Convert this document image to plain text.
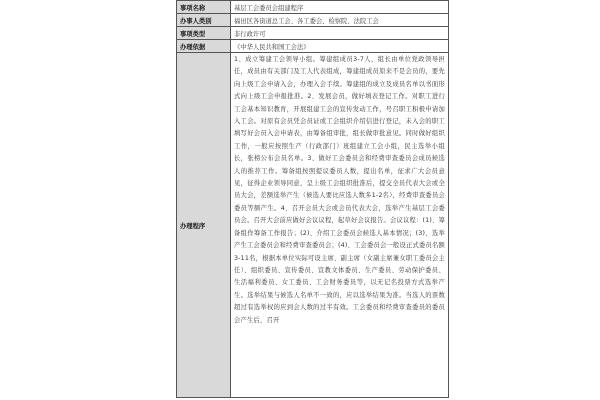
事项名称	基层工会委员会组建程序
办事人类别	福田区各街道总工会、各工委会、检察院、法院工会
事项类型	非行政许可
办理依据	《中华人民共和国工会法》
办理程序	1、成立筹建工会领导小组。筹建组成员3-7人，组长由单位党政领导担任，成员由有关部门及工人代表组成，筹建组成员原来不是会员的，要先向上级工会申请入会，办理入会手续。筹建组的成立及成员名单以书面形式向上级工会申报批准。2、发展会员，做好填表登记工作。对职工进行工会基本知识教育，开展组建工会的宣传发动工作，号召职工积极申请加入工会。对原有会员凭会员证或工会组织介绍信进行登记，未入会的职工填写好会员入会申请表，由筹备组审批，组长做审批意见。同时做好组织工作，一般应按照生产（行政部门）班组建立工会小组，民主选举小组长，张榜公布会员名单。3、做好工会委员会和经费审查委员会成员候选人的推荐工作。筹备组按照提议委员人数，提出名单，征求广大会员意见，征得企业领导同意，呈上级工会组织批准后，提交全员代表大会或全员大会，差额选举产生（候选人要比应选人数多1-2名），经费审查委员会委员等额产生。4、召开会员大会或会员代表大会，选举产生基层工会委员会。召开大会前应做好会议议程，起草好会议报告。会议议程：(1)、筹备组作筹备工作报告；(2)、介绍工会委员会候选人基本情况；(3)、选举产生工会委员会和经费审查委员会；(4)、工会委员会一般设正式委员名额3-11名，根据本单位实际可设主席、副主席（女副主席兼女职工委员会主任）、组织委员、宣传委员、宣教文体委员、生产委员、劳动保护委员、生活福利委员、女工委员、工会财务委员等，以无记名投票方式选举产生。选举结果与候选人名单不一致的，应以选举结果为准。当选人的票数超过有选举权的应到会人数的过半有效。工会委员和经费审查委员的委员会产生后，召开
